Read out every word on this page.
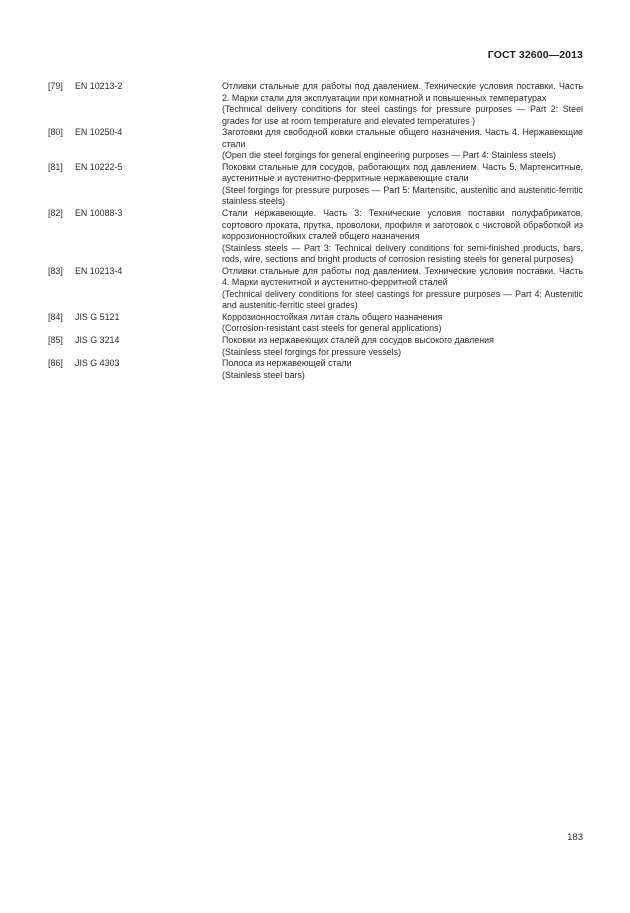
ГОСТ 32600—2013
[79]	EN 10213-2	Отливки стальные для работы под давлением. Технические условия поставки. Часть 2. Марки стали для эксплуатации при комнатной и повышенных температурах
(Technical delivery conditions for steel castings for pressure purposes — Part 2: Steel grades for use at room temperature and elevated temperatures )
[80]	EN 10250-4	Заготовки для свободной ковки стальные общего назначения. Часть 4. Нержавеющие стали
(Open die steel forgings for general engineering purposes — Part 4: Stainless steels)
[81]	EN 10222-5	Поковки стальные для сосудов, работающих под давлением. Часть 5. Мартенситные, аустенитные и аустенитно-ферритные нержавеющие стали
(Steel forgings for pressure purposes — Part 5: Martensitic, austenitic and austenitic-ferritic stainless steels)
[82]	EN 10088-3	Стали нержавеющие. Часть 3: Технические условия поставки полуфабрикатов, сортового проката, прутка, проволоки, профиля и заготовок с чистовой обработкой из коррозионностойких сталей общего назначения
(Stainless steels — Part 3: Technical delivery conditions for semi-finished products, bars, rods, wire, sections and bright products of corrosion resisting steels for general purposes)
[83]	EN 10213-4	Отливки стальные для работы под давлением. Технические условия поставки. Часть 4. Марки аустенитной и аустенитно-ферритной сталей
(Technical delivery conditions for steel castings for pressure purposes — Part 4: Austenitic and austenitic-ferritic steel grades)
[84]	JIS G 5121	Коррозионностойкая литая сталь общего назначения
(Corrosion-resistant cast steels for general applications)
[85]	JIS G 3214	Поковки из нержавеющих сталей для сосудов высокого давления
(Stainless steel forgings for pressure vessels)
[86]	JIS G 4303	Полоса из нержавеющей стали
(Stainless steel bars)
183
